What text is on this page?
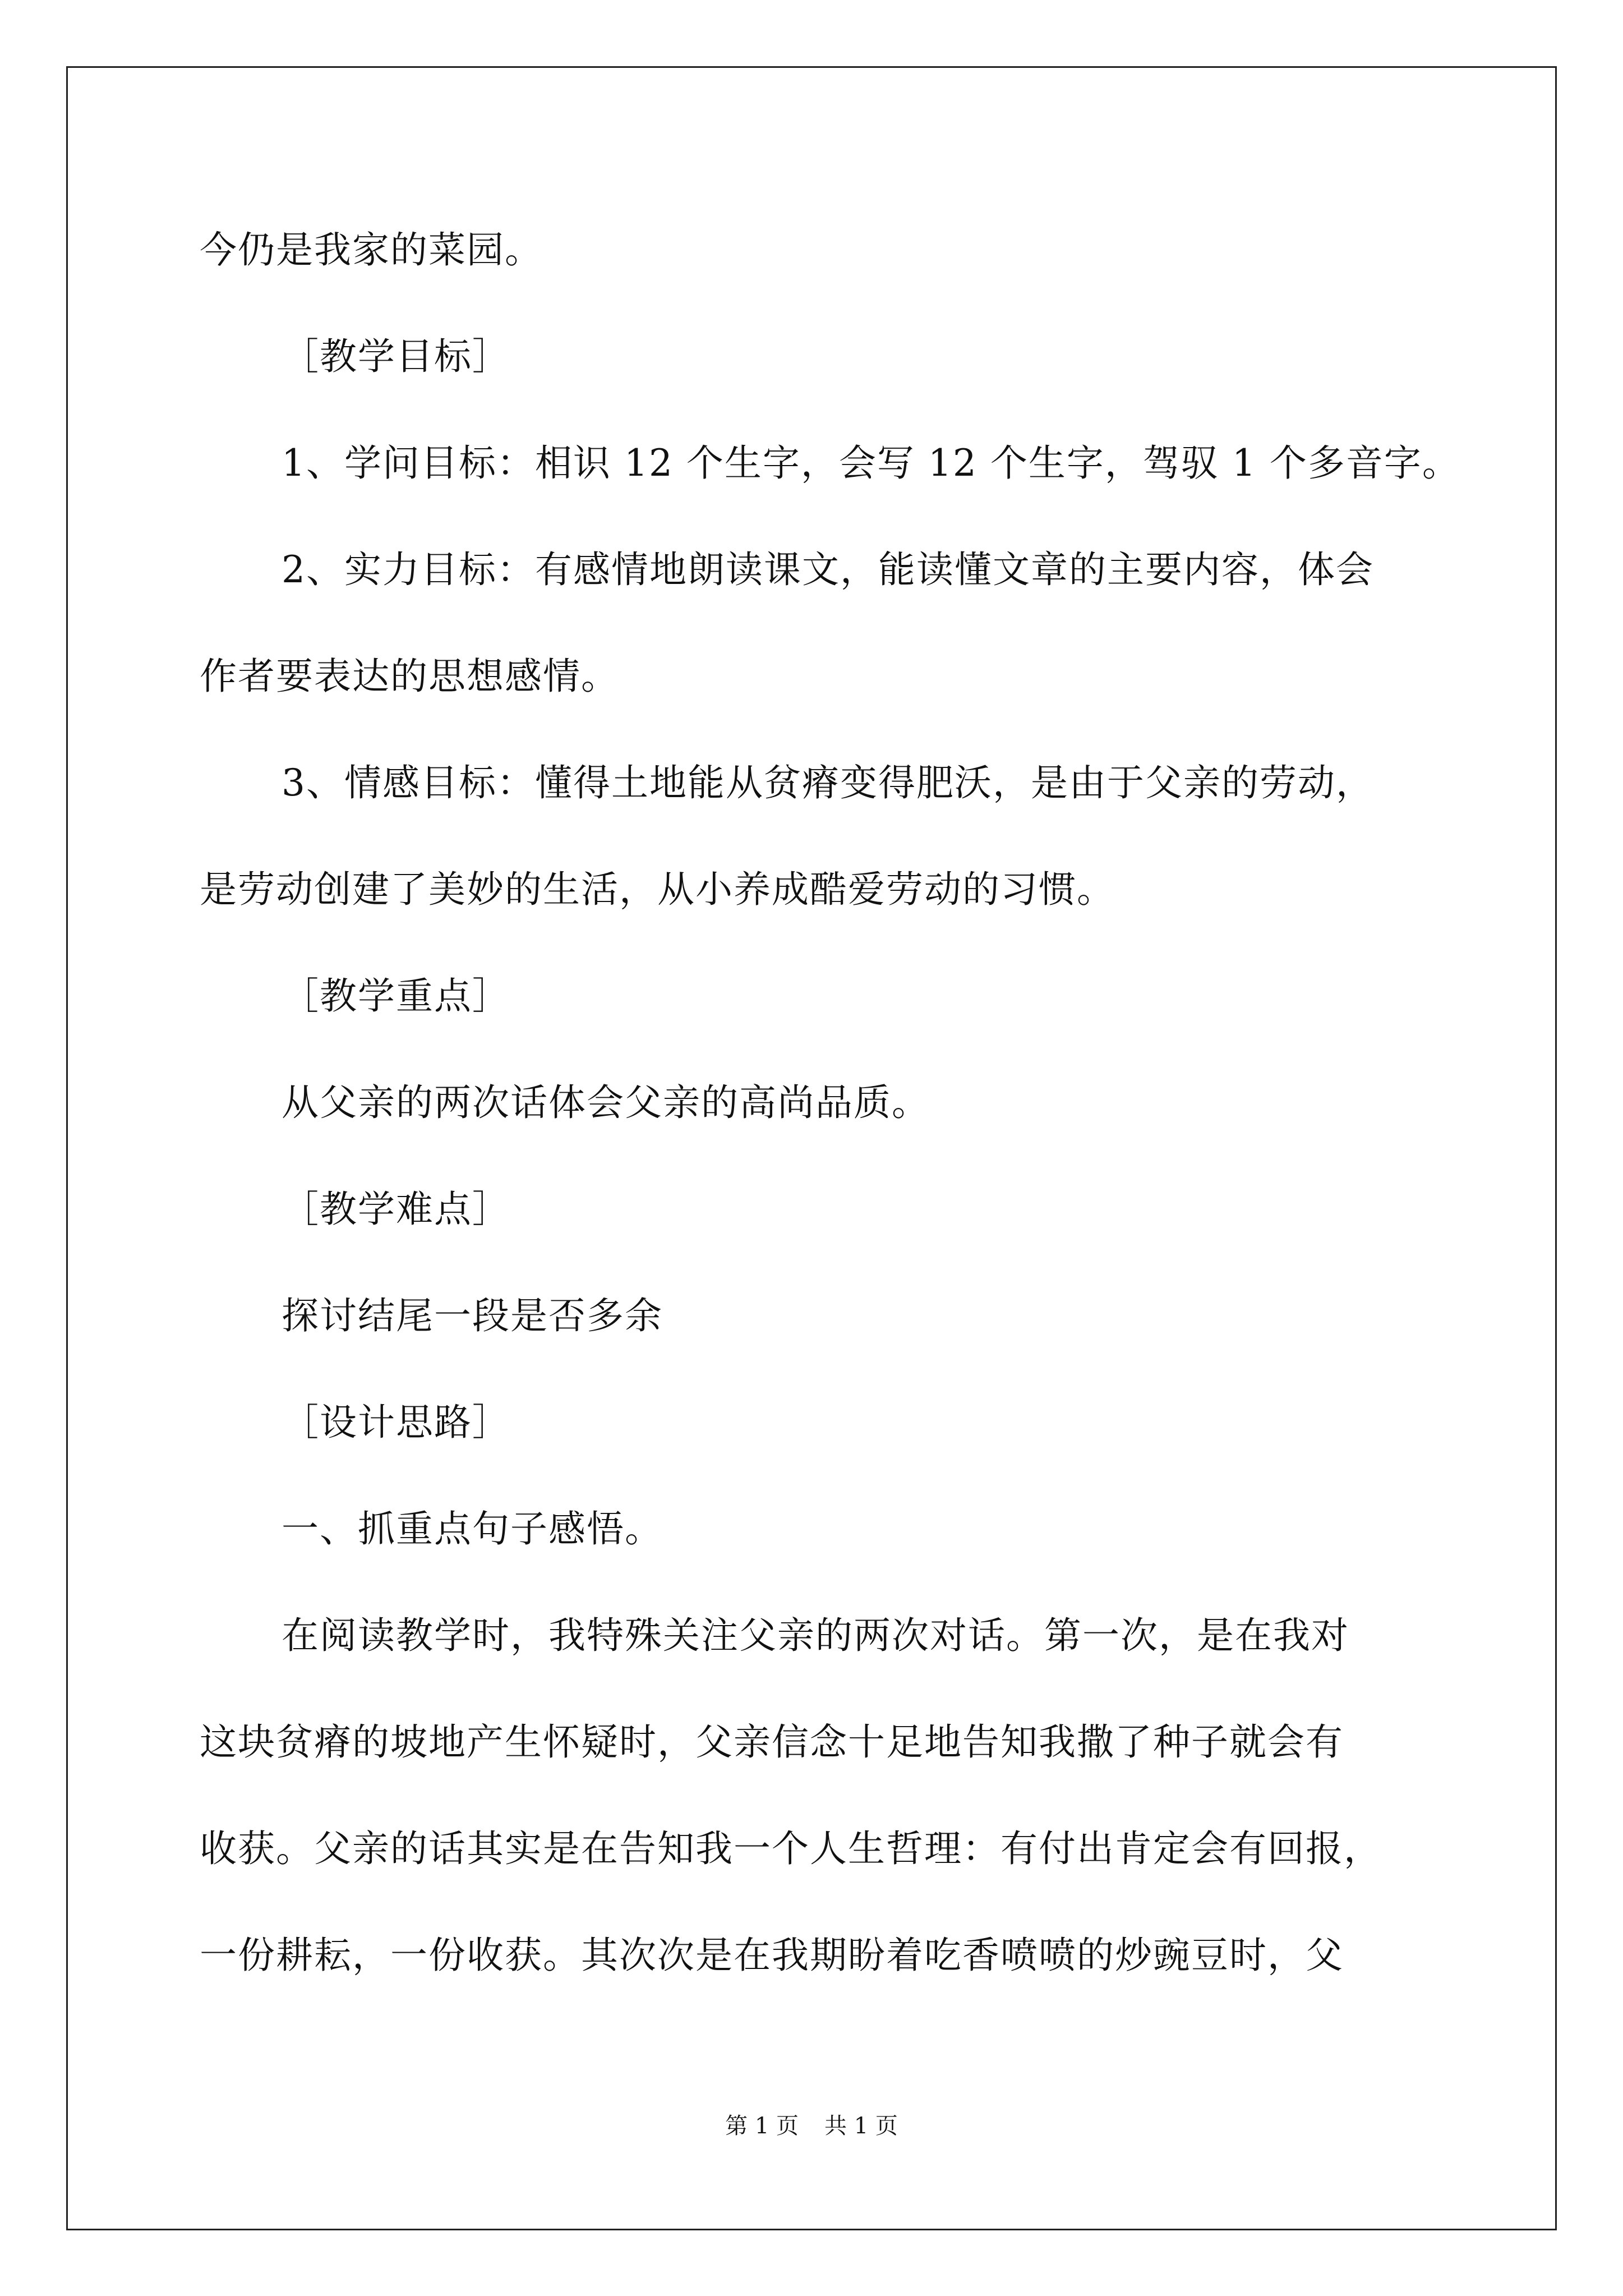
今仍是我家的菜园。
［教学目标］
1、学问目标：相识 12 个生字，会写 12 个生字，驾驭 1 个多音字。
2、实力目标：有感情地朗读课文，能读懂文章的主要内容，体会
作者要表达的思想感情。
3、情感目标：懂得土地能从贫瘠变得肥沃，是由于父亲的劳动，
是劳动创建了美妙的生活，从小养成酷爱劳动的习惯。
［教学重点］
从父亲的两次话体会父亲的高尚品质。
［教学难点］
探讨结尾一段是否多余
［设计思路］
一、抓重点句子感悟。
在阅读教学时，我特殊关注父亲的两次对话。第一次，是在我对
这块贫瘠的坡地产生怀疑时，父亲信念十足地告知我撒了种子就会有
收获。父亲的话其实是在告知我一个人生哲理：有付出肯定会有回报，
一份耕耘，一份收获。其次次是在我期盼着吃香喷喷的炒豌豆时，父
第 1 页 共 1 页
